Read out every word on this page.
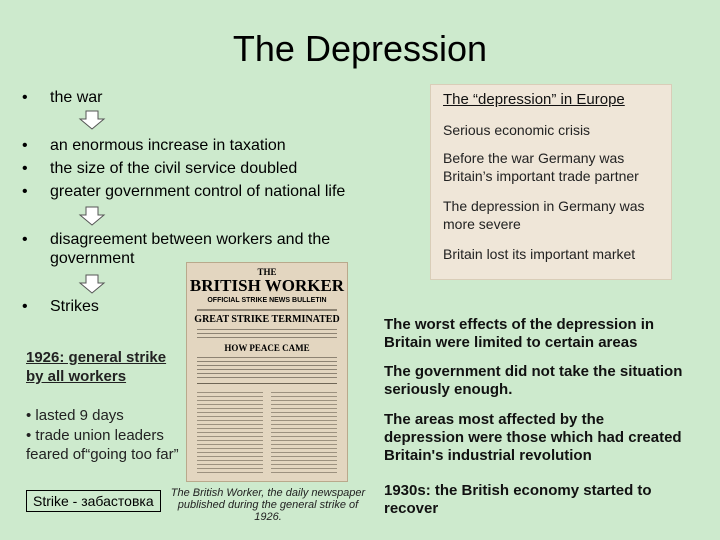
The Depression
• the war
• an enormous increase in taxation
• the size of the civil service doubled
• greater government control of national life
• disagreement between workers and the government
• Strikes
1926: general strike by all workers
• lasted 9 days
• trade union leaders feared of“going too far”
Strike - забастовка
THE
BRITISH WORKER
OFFICIAL STRIKE NEWS BULLETIN
GREAT STRIKE TERMINATED
HOW PEACE CAME
The British Worker, the daily newspaper published during the general strike of 1926.

The “depression” in Europe

Serious economic crisis

Before the war Germany was Britain’s important trade partner

The depression in Germany was more severe

Britain lost its important market

The worst effects of the depression in Britain were limited to certain areas
The government did not take the situation seriously enough.
The areas most affected by the depression were those which had created Britain's industrial revolution
1930s: the British economy started to recover
